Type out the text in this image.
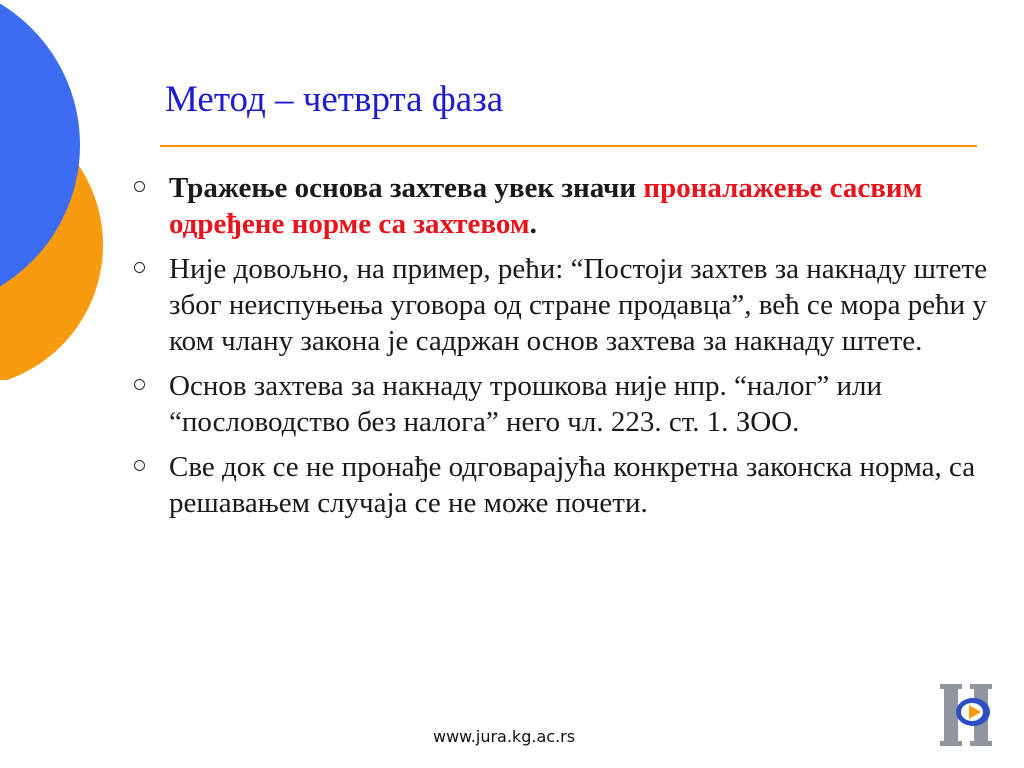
Метод – четврта фаза
Тражење основа захтева увек значи проналажење сасвим одређене норме са захтевом.
Није довољно, на пример, рећи: “Постоји захтев за накнаду штете због неиспуњења уговора од стране продавца”, већ се мора рећи у ком члану закона је садржан основ захтева за накнаду штете.
Основ захтева за накнаду трошкова није нпр. “налог” или “пословодство без налога” него чл. 223. ст. 1. ЗОО.
Све док се не пронађе одговарајућа конкретна законска норма, са решавањем случаја се не може почети.
www.jura.kg.ac.rs
